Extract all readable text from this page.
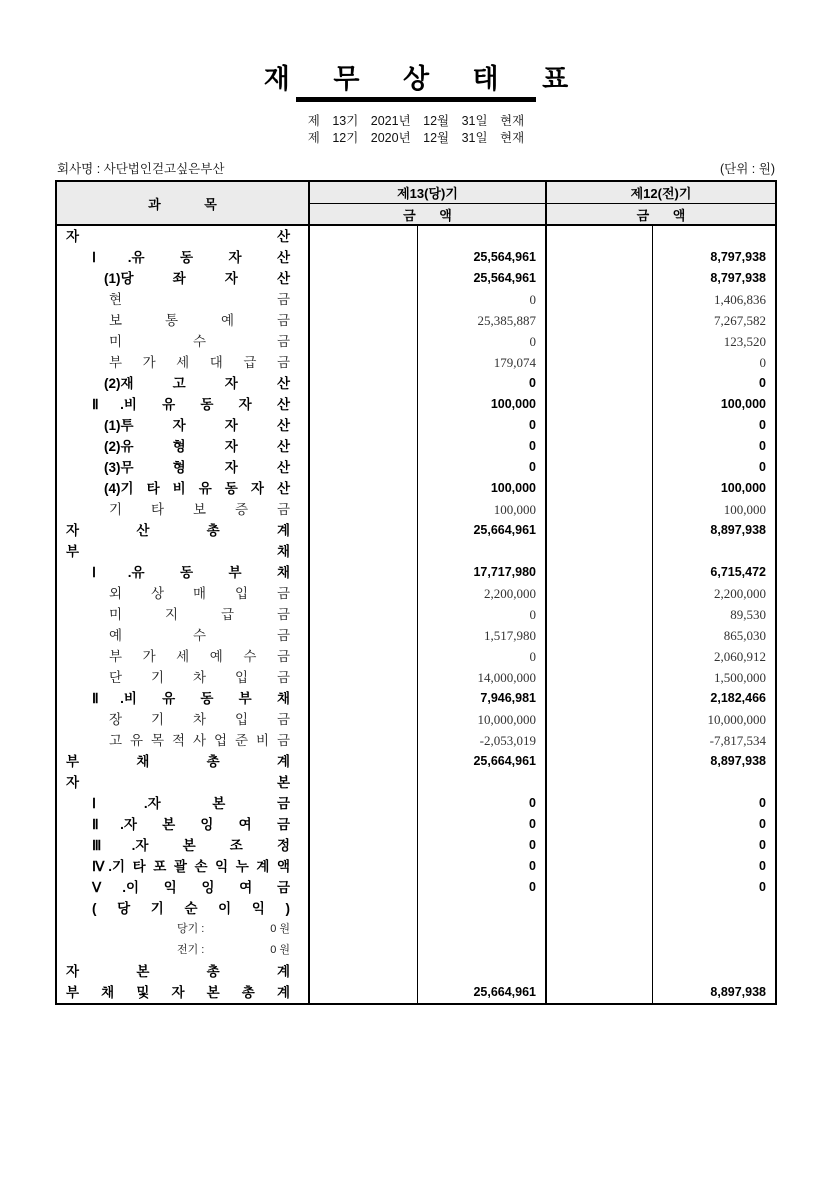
재 무 상 태 표
제 13기 2021년 12월 31일 현재
제 12기 2020년 12월 31일 현재
회사명 : 사단법인걷고싶은부산	(단위 : 원)
과 목
제13(당)기	제12(전)기
금 액	금 액
자 산
Ⅰ.유 동 자 산	25,564,961	8,797,938
(1)당 좌 자 산	25,564,961	8,797,938
현 금	0	1,406,836
보 통 예 금	25,385,887	7,267,582
미 수 금	0	123,520
부 가 세 대 급 금	179,074	0
(2)재 고 자 산	0	0
Ⅱ.비 유 동 자 산	100,000	100,000
(1)투 자 자 산	0	0
(2)유 형 자 산	0	0
(3)무 형 자 산	0	0
(4)기 타 비 유 동 자 산	100,000	100,000
기 타 보 증 금	100,000	100,000
자 산 총 계	25,664,961	8,897,938
부 채
Ⅰ.유 동 부 채	17,717,980	6,715,472
외 상 매 입 금	2,200,000	2,200,000
미 지 급 금	0	89,530
예 수 금	1,517,980	865,030
부 가 세 예 수 금	0	2,060,912
단 기 차 입 금	14,000,000	1,500,000
Ⅱ.비 유 동 부 채	7,946,981	2,182,466
장 기 차 입 금	10,000,000	10,000,000
고 유 목 적 사 업 준 비 금	-2,053,019	-7,817,534
부 채 총 계	25,664,961	8,897,938
자 본
Ⅰ.자 본 금	0	0
Ⅱ.자 본 잉 여 금	0	0
Ⅲ.자 본 조 정	0	0
Ⅳ.기 타 포 괄 손 익 누 계 액	0	0
Ⅴ.이 익 잉 여 금	0	0
( 당 기 순 이 익 )
당기 :	0 원
전기 :	0 원
자 본 총 계
부 채 및 자 본 총 계	25,664,961	8,897,938
